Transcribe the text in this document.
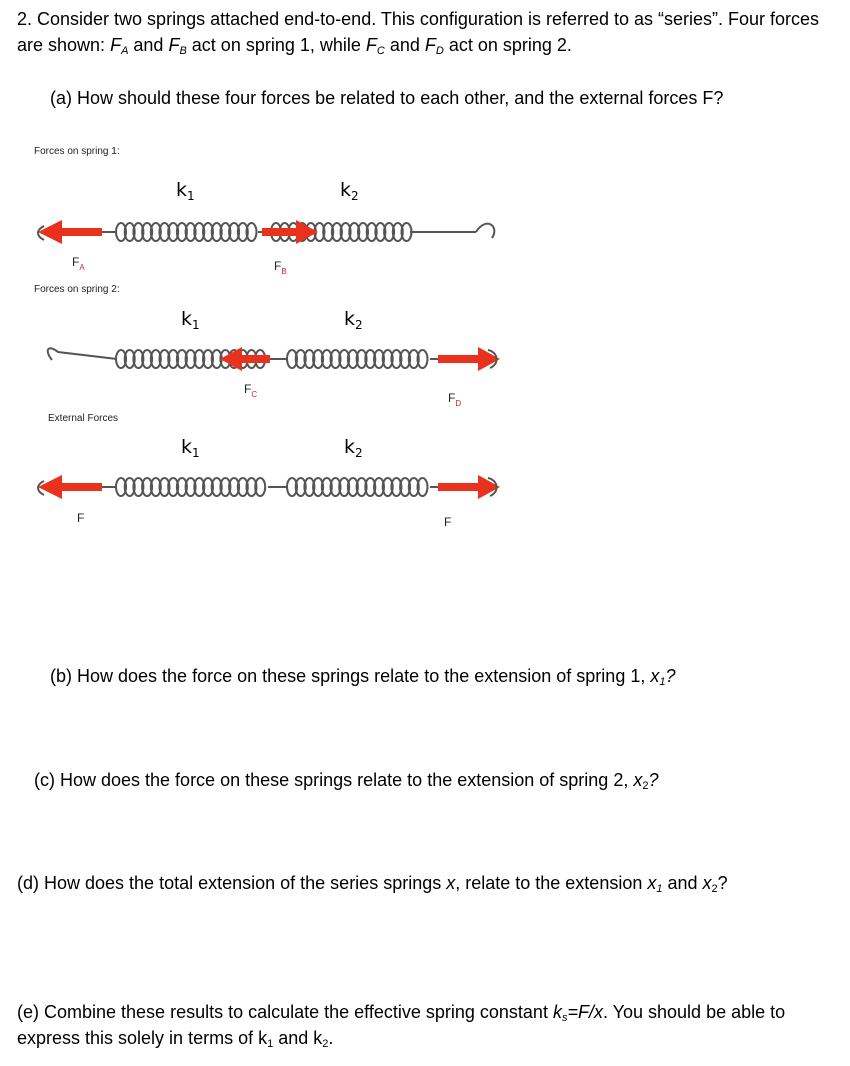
2. Consider two springs attached end-to-end. This configuration is referred to as “series”. Four forces are shown: $F_A$ and $F_B$ act on spring 1, while $F_C$ and $F_D$ act on spring 2.
(a) How should these four forces be related to each other, and the external forces F?
Forces on spring 1:
$k_1$	$k_2$
$F_A$	$F_B$
Forces on spring 2:
$k_1$	$k_2$
$F_C$	$F_D$
External Forces
$k_1$	$k_2$
F	F
(b) How does the force on these springs relate to the extension of spring 1, $x_1$?
(c) How does the force on these springs relate to the extension of spring 2, $x_2$?
(d) How does the total extension of the series springs x, relate to the extension $x_1$ and $x_2$?
(e) Combine these results to calculate the effective spring constant $k_s=F/x$. You should be able to express this solely in terms of $k_1$ and $k_2$.
